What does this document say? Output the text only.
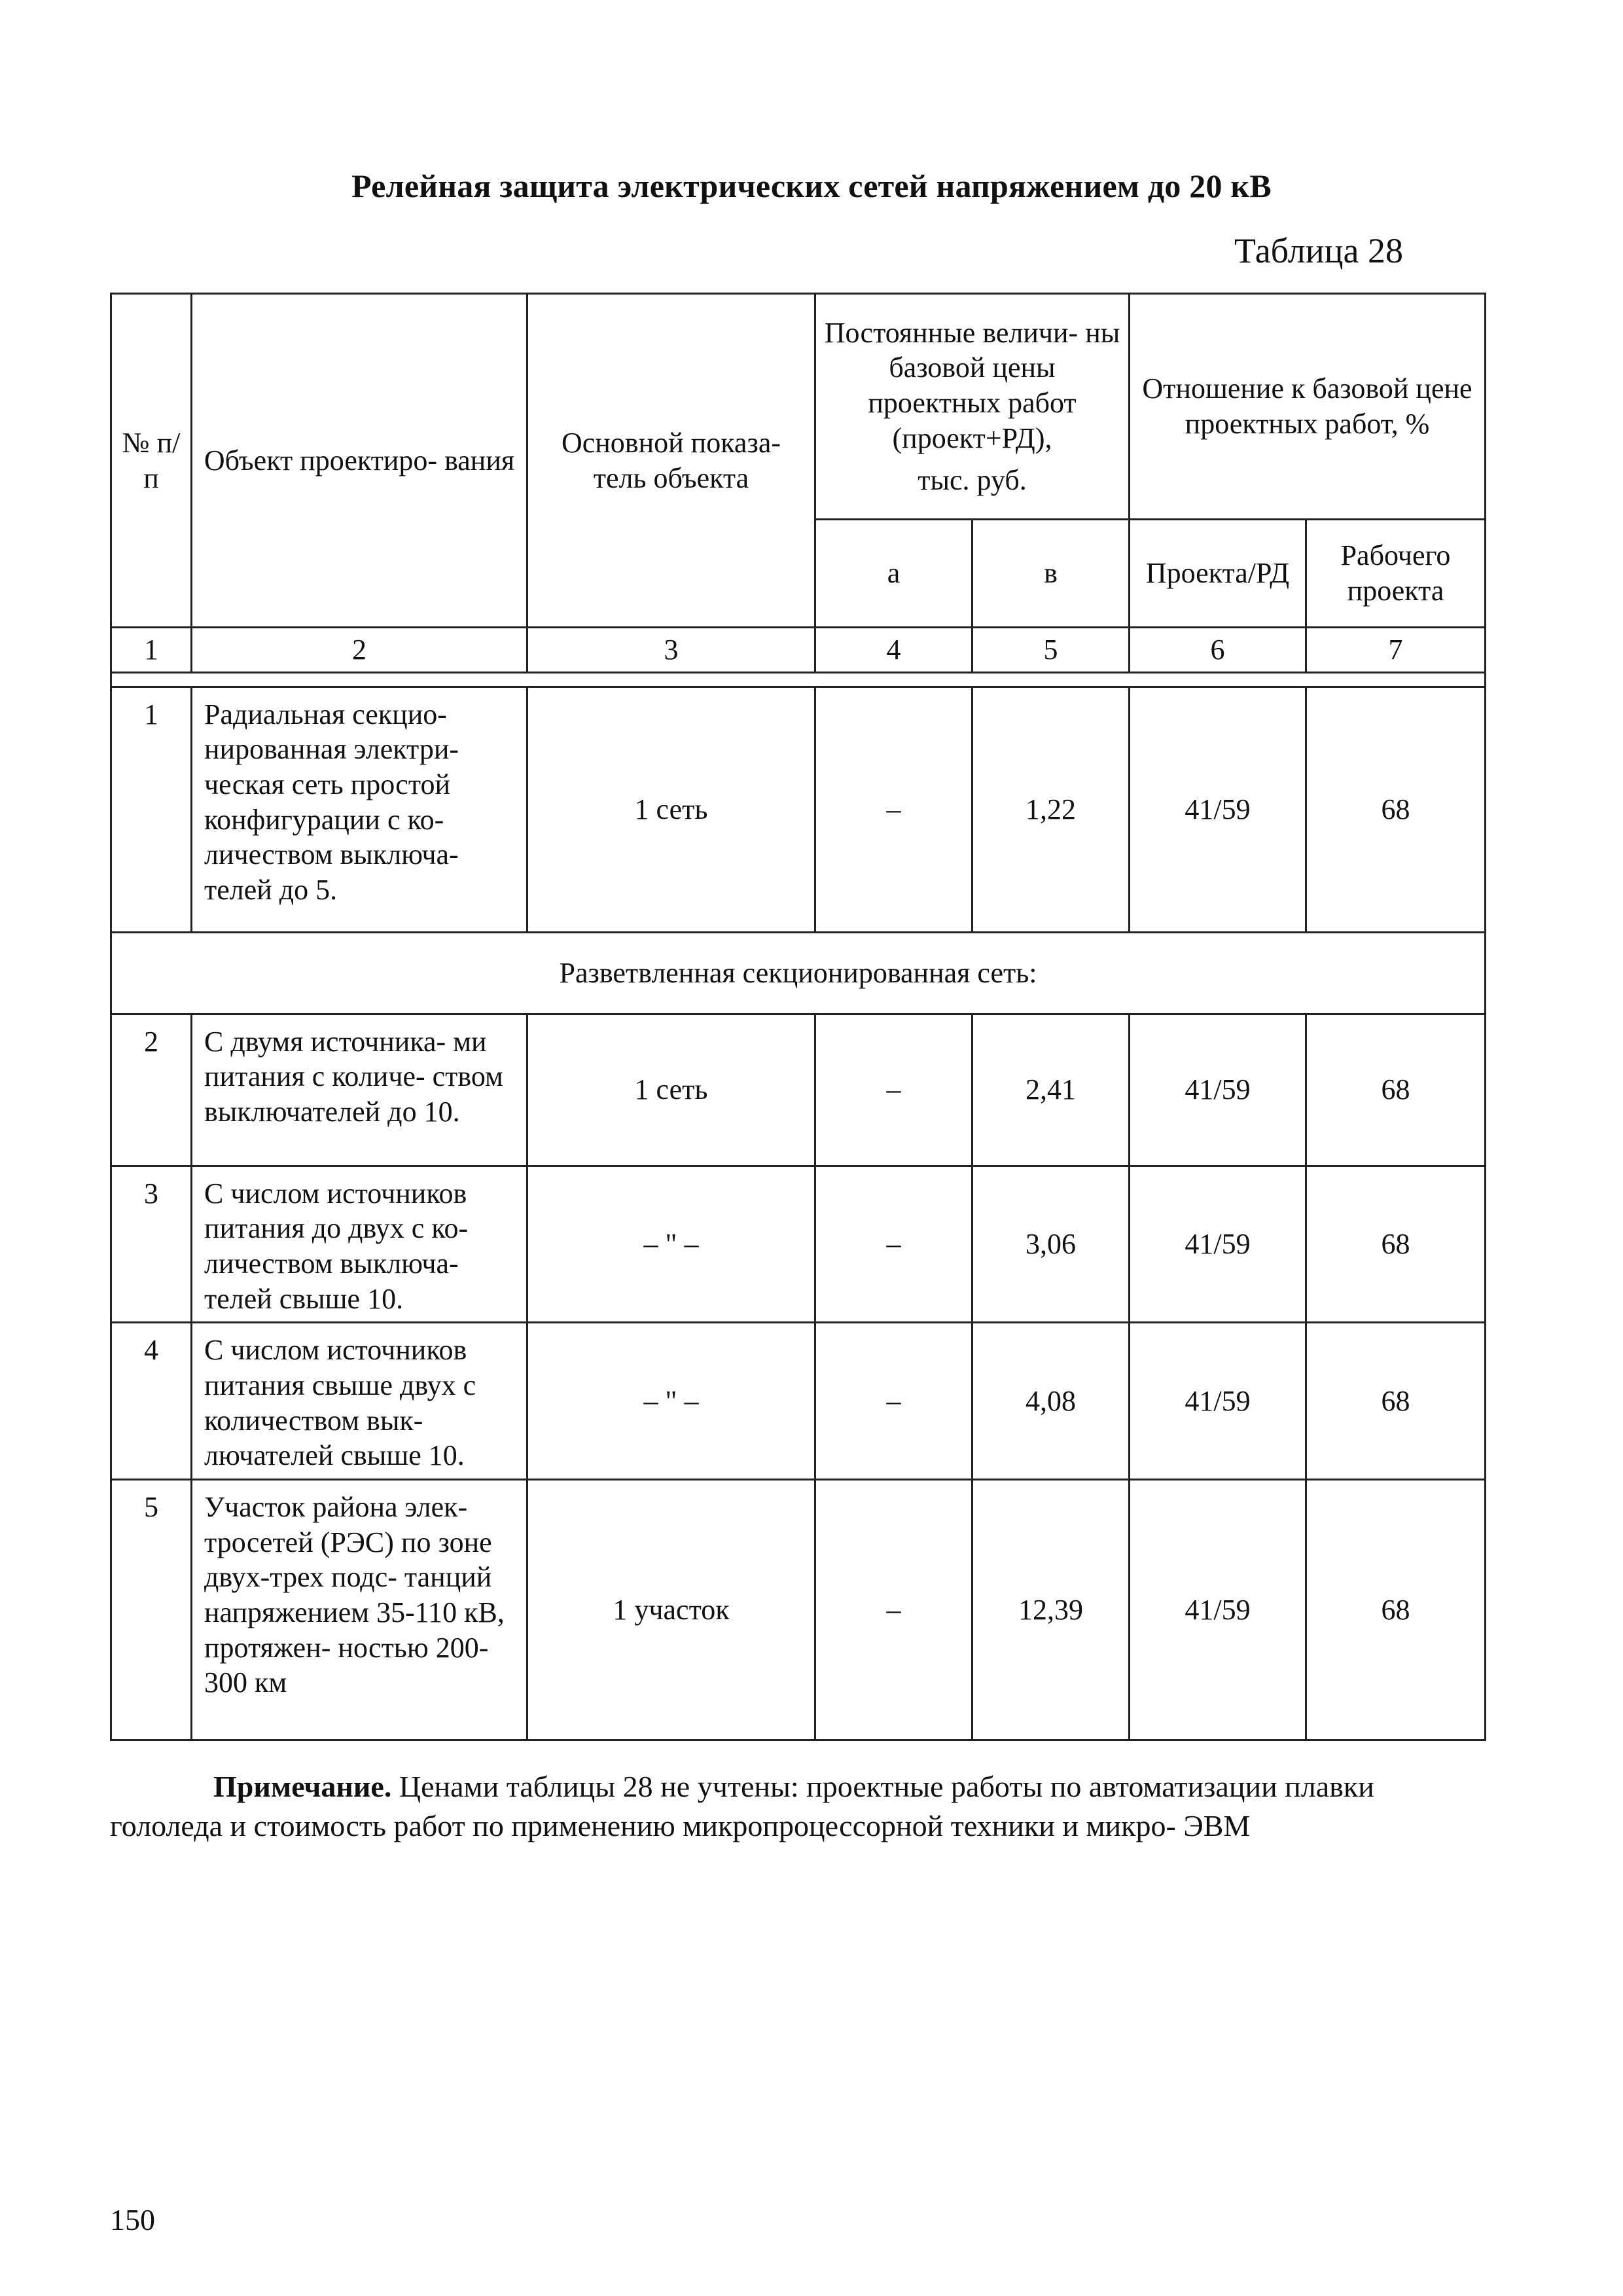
Релейная защита электрических сетей напряжением до 20 кВ
Таблица 28
№ п/п	Объект проектиро- вания	Основной показа- тель объекта	Постоянные величи- ны базовой цены проектных работ (проект+РД),
тыс. руб.		Отношение к базовой цене проектных работ, %	
			а	в	Проекта/РД	Рабочего проекта
1	2	3	4	5	6	7

1	Радиальная секцио- нированная электри- ческая сеть простой конфигурации с ко- личеством выключа- телей до 5.	1 сеть	–	1,22	41/59	68
Разветвленная секционированная сеть:						
2	С двумя источника- ми питания с количе- ством выключателей до 10.	1 сеть	–	2,41	41/59	68
3	С числом источников питания до двух с ко- личеством выключа- телей свыше 10.	– " –	–	3,06	41/59	68
4	С числом источников питания свыше двух с количеством вык- лючателей свыше 10.	– " –	–	4,08	41/59	68
5	Участок района элек- тросетей (РЭС) по зоне двух-трех подс- танций напряжением 35-110 кВ, протяжен- ностью 200-300 км	1 участок	–	12,39	41/59	68
Примечание. Ценами таблицы 28 не учтены: проектные работы по автоматизации плавки гололеда и стоимость работ по применению микропроцессорной техники и микро- ЭВМ
150
